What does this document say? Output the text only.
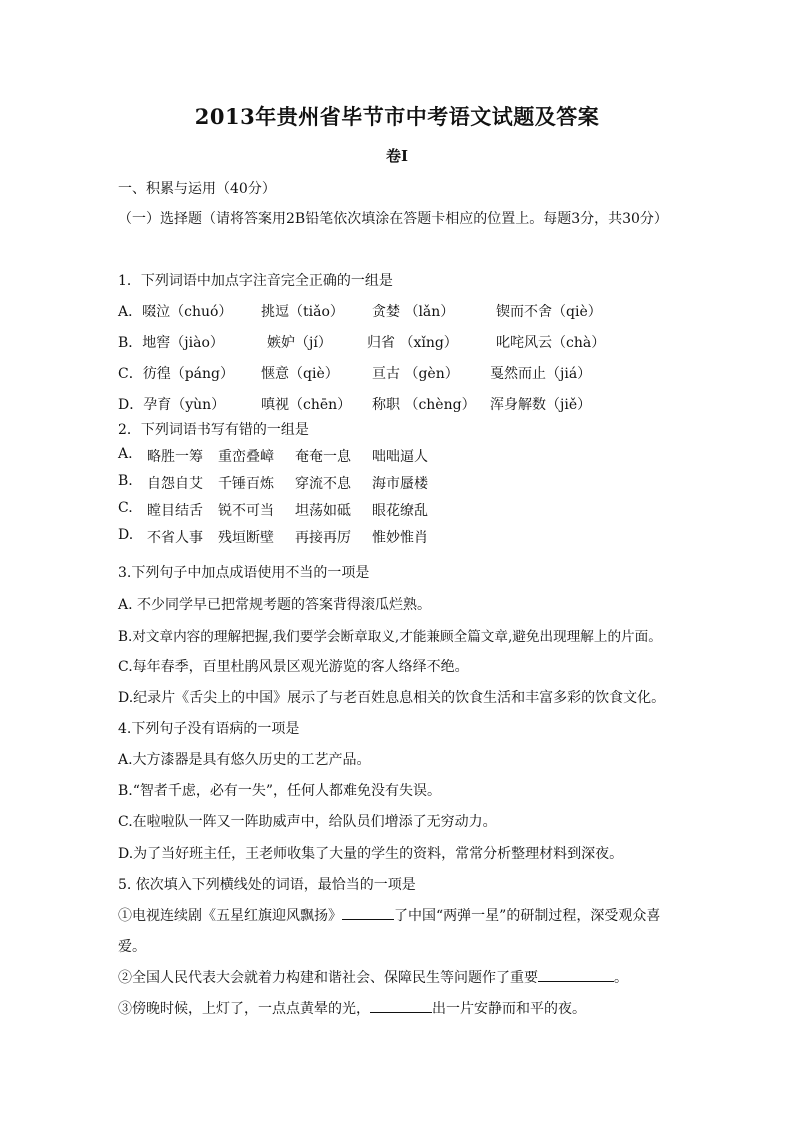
2013年贵州省毕节市中考语文试题及答案
卷Ⅰ
一、积累与运用（40分）
（一）选择题（请将答案用2B铅笔依次填涂在答题卡相应的位置上。每题3分，共30分）
1．下列词语中加点字注音完全正确的一组是
A．啜泣（chuó） 挑逗（tiǎo） 贪婪 （lǎn）	锲而不舍（qiè）
B．地窖（jiào）	嫉妒（jí）	归省 （xǐng）	叱咤风云（chà）
C．彷徨（páng） 惬意（qiè） 亘古 （gèn） 戛然而止（jiá）
D．孕育（yùn）	嗔视（chēn） 称职 （chèng） 浑身解数（jiě）
2．下列词语书写有错的一组是
A. 略胜一筹 重峦叠嶂 奄奄一息 咄咄逼人
B. 自怨自艾 千锤百炼 穿流不息 海市蜃楼
C. 瞠目结舌 锐不可当 坦荡如砥 眼花缭乱
D. 不省人事 残垣断壁 再接再厉 惟妙惟肖
3.下列句子中加点成语使用不当的一项是
A. 不少同学早已把常规考题的答案背得滚瓜烂熟。
B.对文章内容的理解把握,我们要学会断章取义,才能兼顾全篇文章,避免出现理解上的片面。
C.每年春季，百里杜鹃风景区观光游览的客人络绎不绝。
D.纪录片《舌尖上的中国》展示了与老百姓息息相关的饮食生活和丰富多彩的饮食文化。
4.下列句子没有语病的一项是
A.大方漆器是具有悠久历史的工艺产品。
B.“智者千虑，必有一失”，任何人都难免没有失误。
C.在啦啦队一阵又一阵助威声中，给队员们增添了无穷动力。
D.为了当好班主任，王老师收集了大量的学生的资料，常常分析整理材料到深夜。
5. 依次填入下列横线处的词语，最恰当的一项是
①电视连续剧《五星红旗迎风飘扬》	了中国“两弹一星”的研制过程，深受观众喜
爱。
②全国人民代表大会就着力构建和谐社会、保障民生等问题作了重要	。
③傍晚时候，上灯了，一点点黄晕的光，	出一片安静而和平的夜。
